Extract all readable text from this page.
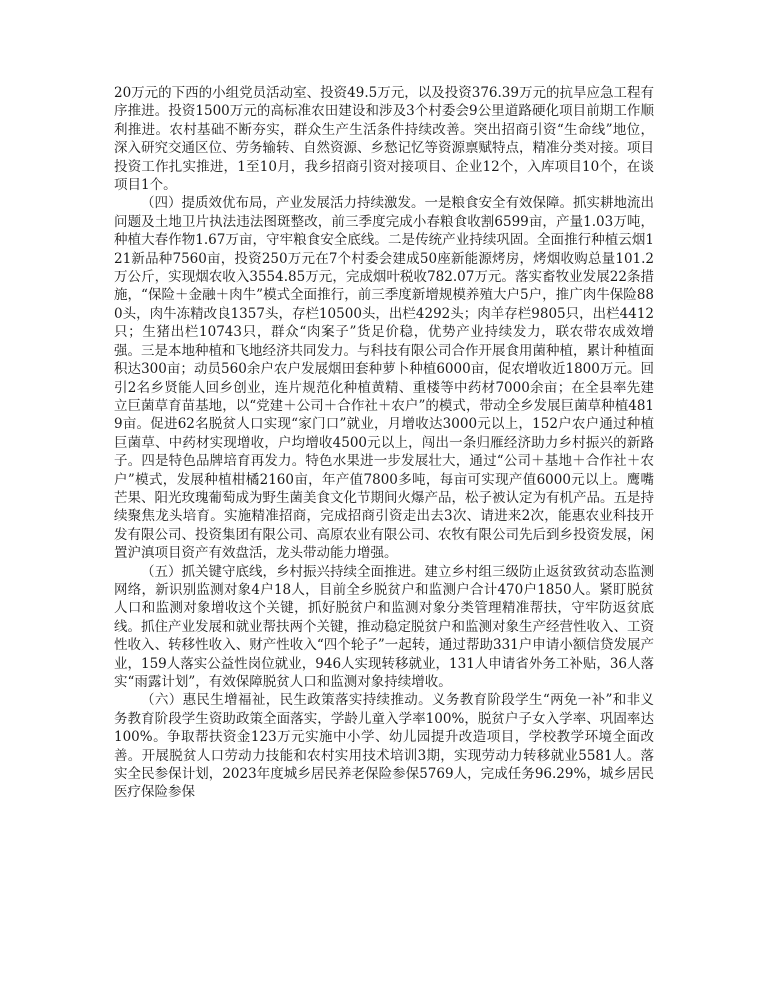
20万元的下西的小组党员活动室、投资49.5万元，以及投资376.39万元的抗旱应急工程有序推进。投资1500万元的高标准农田建设和涉及3个村委会9公里道路硬化项目前期工作顺利推进。农村基础不断夯实，群众生产生活条件持续改善。突出招商引资“生命线”地位，深入研究交通区位、劳务输转、自然资源、乡愁记忆等资源禀赋特点，精准分类对接。项目投资工作扎实推进，1至10月，我乡招商引资对接项目、企业12个，入库项目10个，在谈项目1个。

（四）提质效优布局，产业发展活力持续激发。一是粮食安全有效保障。抓实耕地流出问题及土地卫片执法违法图斑整改，前三季度完成小春粮食收割6599亩，产量1.03万吨，种植大春作物1.67万亩，守牢粮食安全底线。二是传统产业持续巩固。全面推行种植云烟121新品种7560亩，投资250万元在7个村委会建成50座新能源烤房，烤烟收购总量101.2万公斤，实现烟农收入3554.85万元，完成烟叶税收782.07万元。落实畜牧业发展22条措施，“保险＋金融＋肉牛”模式全面推行，前三季度新增规模养殖大户5户，推广肉牛保险880头，肉牛冻精改良1357头，存栏10500头，出栏4292头；肉羊存栏9805只，出栏4412只；生猪出栏10743只，群众“肉案子”货足价稳，优势产业持续发力，联农带农成效增强。三是本地种植和飞地经济共同发力。与科技有限公司合作开展食用菌种植，累计种植面积达300亩；动员560余户农户发展烟田套种萝卜种植6000亩，促农增收近1800万元。回引2名乡贤能人回乡创业，连片规范化种植黄精、重楼等中药材7000余亩；在全县率先建立巨菌草育苗基地，以“党建＋公司＋合作社＋农户”的模式，带动全乡发展巨菌草种植4819亩。促进62名脱贫人口实现“家门口”就业，月增收达3000元以上，152户农户通过种植巨菌草、中药材实现增收，户均增收4500元以上，闯出一条归雁经济助力乡村振兴的新路子。四是特色品牌培育再发力。特色水果进一步发展壮大，通过“公司＋基地＋合作社＋农户”模式，发展种植柑橘2160亩，年产值7800多吨，每亩可实现产值6000元以上。鹰嘴芒果、阳光玫瑰葡萄成为野生菌美食文化节期间火爆产品，松子被认定为有机产品。五是持续聚焦龙头培育。实施精准招商，完成招商引资走出去3次、请进来2次，能惠农业科技开发有限公司、投资集团有限公司、高原农业有限公司、农牧有限公司先后到乡投资发展，闲置沪滇项目资产有效盘活，龙头带动能力增强。

（五）抓关键守底线，乡村振兴持续全面推进。建立乡村组三级防止返贫致贫动态监测网络，新识别监测对象4户18人，目前全乡脱贫户和监测户合计470户1850人。紧盯脱贫人口和监测对象增收这个关键，抓好脱贫户和监测对象分类管理精准帮扶，守牢防返贫底线。抓住产业发展和就业帮扶两个关键，推动稳定脱贫户和监测对象生产经营性收入、工资性收入、转移性收入、财产性收入“四个轮子”一起转，通过帮助331户申请小额信贷发展产业，159人落实公益性岗位就业，946人实现转移就业，131人申请省外务工补贴，36人落实“雨露计划”，有效保障脱贫人口和监测对象持续增收。

（六）惠民生增福祉，民生政策落实持续推动。义务教育阶段学生“两免一补”和非义务教育阶段学生资助政策全面落实，学龄儿童入学率100%，脱贫户子女入学率、巩固率达100%。争取帮扶资金123万元实施中小学、幼儿园提升改造项目，学校教学环境全面改善。开展脱贫人口劳动力技能和农村实用技术培训3期，实现劳动力转移就业5581人。落实全民参保计划，2023年度城乡居民养老保险参保5769人，完成任务96.29%，城乡居民医疗保险参保
